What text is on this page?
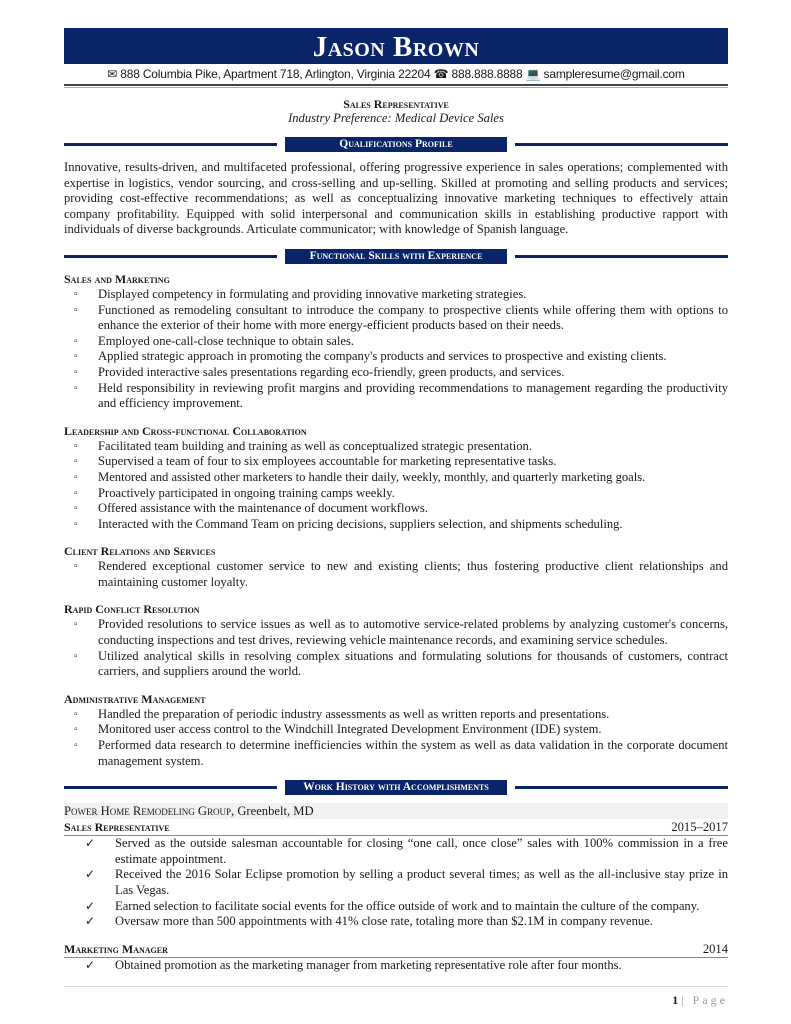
Jason Brown
✉ 888 Columbia Pike, Apartment 718, Arlington, Virginia 22204 ☎ 888.888.8888 💻 sampleresume@gmail.com
Sales Representative
Industry Preference: Medical Device Sales
Qualifications Profile

Innovative, results-driven, and multifaceted professional, offering progressive experience in sales operations; complemented with expertise in logistics, vendor sourcing, and cross-selling and up-selling. Skilled at promoting and selling products and services; providing cost-effective recommendations; as well as conceptualizing innovative marketing techniques to effectively attain company profitability. Equipped with solid interpersonal and communication skills in establishing productive rapport with individuals of diverse backgrounds. Articulate communicator; with knowledge of Spanish language.

Functional Skills with Experience
Sales and Marketing
▫ Displayed competency in formulating and providing innovative marketing strategies.
▫ Functioned as remodeling consultant to introduce the company to prospective clients while offering them with options to enhance the exterior of their home with more energy-efficient products based on their needs.
▫ Employed one-call-close technique to obtain sales.
▫ Applied strategic approach in promoting the company's products and services to prospective and existing clients.
▫ Provided interactive sales presentations regarding eco-friendly, green products, and services.
▫ Held responsibility in reviewing profit margins and providing recommendations to management regarding the productivity and efficiency improvement.
Leadership and Cross-functional Collaboration
▫ Facilitated team building and training as well as conceptualized strategic presentation.
▫ Supervised a team of four to six employees accountable for marketing representative tasks.
▫ Mentored and assisted other marketers to handle their daily, weekly, monthly, and quarterly marketing goals.
▫ Proactively participated in ongoing training camps weekly.
▫ Offered assistance with the maintenance of document workflows.
▫ Interacted with the Command Team on pricing decisions, suppliers selection, and shipments scheduling.
Client Relations and Services
▫ Rendered exceptional customer service to new and existing clients; thus fostering productive client relationships and maintaining customer loyalty.
Rapid Conflict Resolution
▫ Provided resolutions to service issues as well as to automotive service-related problems by analyzing customer's concerns, conducting inspections and test drives, reviewing vehicle maintenance records, and examining service schedules.
▫ Utilized analytical skills in resolving complex situations and formulating solutions for thousands of customers, contract carriers, and suppliers around the world.
Administrative Management
▫ Handled the preparation of periodic industry assessments as well as written reports and presentations.
▫ Monitored user access control to the Windchill Integrated Development Environment (IDE) system.
▫ Performed data research to determine inefficiencies within the system as well as data validation in the corporate document management system.
Work History with Accomplishments
Power Home Remodeling Group, Greenbelt, MD
Sales Representative	2015–2017
✓ Served as the outside salesman accountable for closing “one call, once close” sales with 100% commission in a free estimate appointment.
✓ Received the 2016 Solar Eclipse promotion by selling a product several times; as well as the all-inclusive stay prize in Las Vegas.
✓ Earned selection to facilitate social events for the office outside of work and to maintain the culture of the company.
✓ Oversaw more than 500 appointments with 41% close rate, totaling more than $2.1M in company revenue.
Marketing Manager	2014
✓ Obtained promotion as the marketing manager from marketing representative role after four months.
1 | Page
